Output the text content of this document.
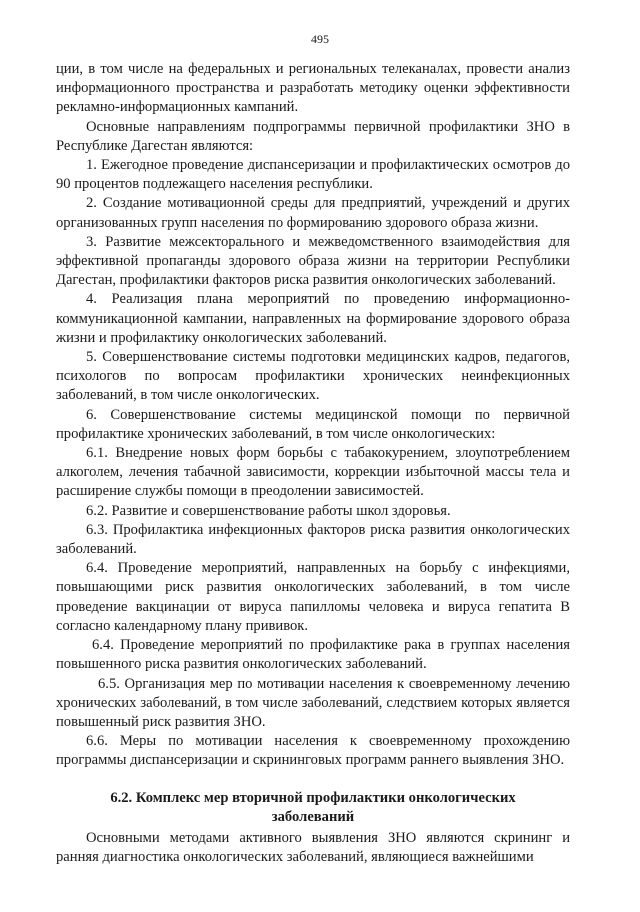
495

ции, в том числе на федеральных и региональных телеканалах, провести анализ информационного пространства и разработать методику оценки эффективности рекламно-информационных кампаний.

Основные направлениям подпрограммы первичной профилактики ЗНО в Республике Дагестан являются:

1. Ежегодное проведение диспансеризации и профилактических осмотров до 90 процентов подлежащего населения республики.

2. Создание мотивационной среды для предприятий, учреждений и других организованных групп населения по формированию здорового образа жизни.

3. Развитие межсекторального и межведомственного взаимодействия для эффективной пропаганды здорового образа жизни на территории Республики Дагестан, профилактики факторов риска развития онкологических заболеваний.

4. Реализация плана мероприятий по проведению информационно- коммуникационной кампании, направленных на формирование здорового образа жизни и профилактику онкологических заболеваний.

5. Совершенствование системы подготовки медицинских кадров, педагогов, психологов по вопросам профилактики хронических неинфекционных заболеваний, в том числе онкологических.

6. Совершенствование системы медицинской помощи по первичной профилактике хронических заболеваний, в том числе онкологических:

6.1. Внедрение новых форм борьбы с табакокурением, злоупотреблением алкоголем, лечения табачной зависимости, коррекции избыточной массы тела и расширение службы помощи в преодолении зависимостей.

6.2. Развитие и совершенствование работы школ здоровья.

6.3. Профилактика инфекционных факторов риска развития онкологических заболеваний.

6.4. Проведение мероприятий, направленных на борьбу с инфекциями, повышающими риск развития онкологических заболеваний, в том числе проведение вакцинации от вируса папилломы человека и вируса гепатита В согласно календарному плану прививок.

6.4. Проведение мероприятий по профилактике рака в группах населения повышенного риска развития онкологических заболеваний.

6.5. Организация мер по мотивации населения к своевременному лечению хронических заболеваний, в том числе заболеваний, следствием которых является повышенный риск развития ЗНО.

6.6. Меры по мотивации населения к своевременному прохождению программы диспансеризации и скрининговых программ раннего выявления ЗНО.

6.2. Комплекс мер вторичной профилактики онкологических
заболеваний

Основными методами активного выявления ЗНО являются скрининг и ранняя диагностика онкологических заболеваний, являющиеся важнейшими
